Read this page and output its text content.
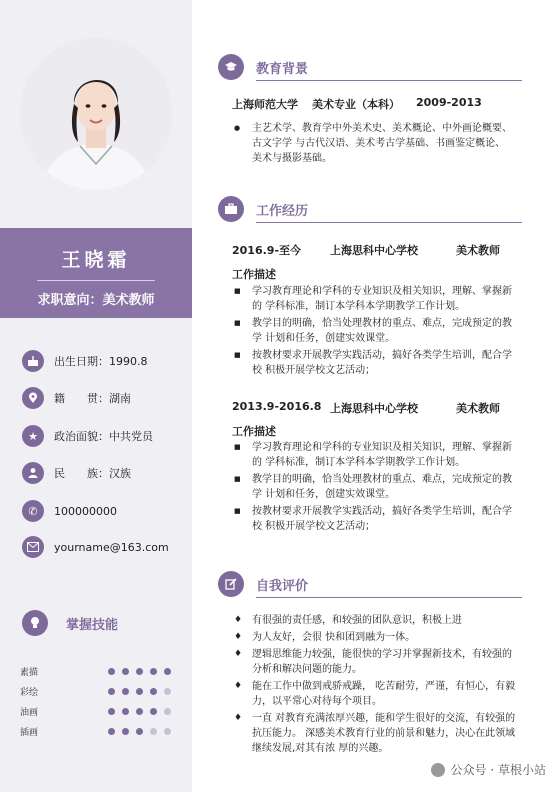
王晓霜
求职意向：美术教师
出生日期：1990.8
籍　　贯：湖南
★	政治面貌：中共党员
民　　族：汉族
✆	100000000
yourname@163.com
掌握技能
素描
彩绘
油画
插画
教育背景
上海师范大学	美术专业（本科）	2009-2013
● 主艺术学、教育学中外美术史、美术概论、中外画论概要、古文字学 与古代汉语、美术考古学基础、书画鉴定概论、美术与摄影基础。
工作经历
2016.9-至今	上海思科中心学校	美术教师
工作描述
■ 学习教育理论和学科的专业知识及相关知识，理解、掌握新的 学科标准，制订本学科本学期教学工作计划。
■ 教学目的明确，恰当处理教材的重点、难点，完成预定的教学 计划和任务，创建实效课堂。
■ 按教材要求开展教学实践活动，搞好各类学生培训，配合学校 积极开展学校文艺活动；
2013.9-2016.8 上海思科中心学校	美术教师
工作描述
■ 学习教育理论和学科的专业知识及相关知识，理解、掌握新的 学科标准，制订本学科本学期教学工作计划。
■ 教学目的明确，恰当处理教材的重点、难点，完成预定的教学 计划和任务，创建实效课堂。
■ 按教材要求开展教学实践活动，搞好各类学生培训，配合学校 积极开展学校文艺活动；
自我评价
♦ 有很强的责任感，和较强的团队意识，积极上进
♦ 为人友好，会很 快和团到融为一体。
♦ 逻辑思维能力较强，能很快的学习并掌握新技术，有较强的分析和解决问题的能力。
♦ 能在工作中做到戒骄戒躁， 吃苦耐劳，严谨，有恒心，有毅力，以平常心对待每个项目。
♦ 一直 对教育充满浓厚兴趣，能和学生很好的交流，有较强的抗压能力。 深感美术教育行业的前景和魅力，决心在此领域继续发展,对其有浓 厚的兴趣。
公众号 · 草根小站
